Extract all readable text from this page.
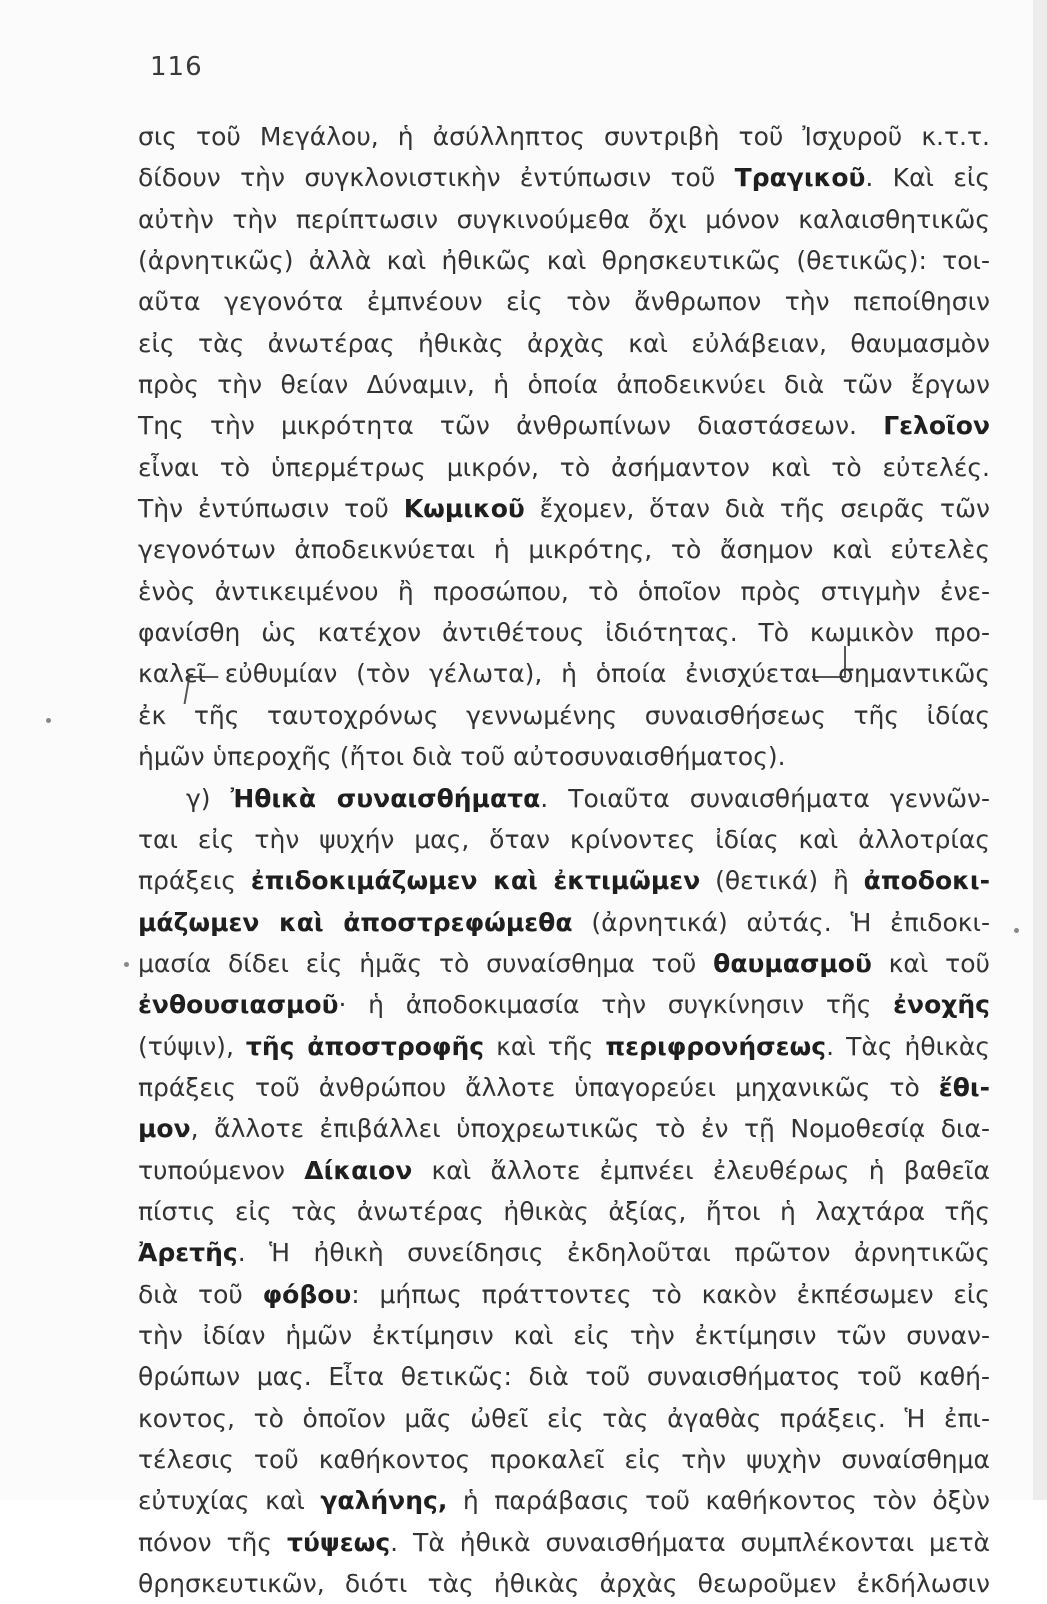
116
σις τοῦ Μεγάλου, ἡ ἀσύλληπτος συντριβὴ τοῦ Ἰσχυροῦ κ.τ.τ.
δίδουν τὴν συγκλονιστικὴν ἐντύπωσιν τοῦ Τραγικοῦ. Καὶ εἰς
αὐτὴν τὴν περίπτωσιν συγκινούμεθα ὄχι μόνον καλαισθητικῶς
(ἀρνητικῶς) ἀλλὰ καὶ ἠθικῶς καὶ θρησκευτικῶς (θετικῶς): τοι-
αῦτα γεγονότα ἐμπνέουν εἰς τὸν ἄνθρωπον τὴν πεποίθησιν
εἰς τὰς ἀνωτέρας ἠθικὰς ἀρχὰς καὶ εὐλάβειαν, θαυμασμὸν
πρὸς τὴν θείαν Δύναμιν, ἡ ὁποία ἀποδεικνύει διὰ τῶν ἔργων
Της τὴν μικρότητα τῶν ἀνθρωπίνων διαστάσεων. Γελοῖον
εἶναι τὸ ὑπερμέτρως μικρόν, τὸ ἀσήμαντον καὶ τὸ εὐτελές.
Τὴν ἐντύπωσιν τοῦ Κωμικοῦ ἔχομεν, ὅταν διὰ τῆς σειρᾶς τῶν
γεγονότων ἀποδεικνύεται ἡ μικρότης, τὸ ἄσημον καὶ εὐτελὲς
ἑνὸς ἀντικειμένου ἢ προσώπου, τὸ ὁποῖον πρὸς στιγμὴν ἐνε-
φανίσθη ὡς κατέχον ἀντιθέτους ἰδιότητας. Τὸ κωμικὸν προ-
καλεῖ εὐθυμίαν (τὸν γέλωτα), ἡ ὁποία ἐνισχύεται σημαντικῶς
ἐκ τῆς ταυτοχρόνως γεννωμένης συναισθήσεως τῆς ἰδίας
ἡμῶν ὑπεροχῆς (ἤτοι διὰ τοῦ αὐτοσυναισθήματος).
γ) Ἠθικὰ συναισθήματα. Τοιαῦτα συναισθήματα γεννῶν-
ται εἰς τὴν ψυχήν μας, ὅταν κρίνοντες ἰδίας καὶ ἀλλοτρίας
πράξεις ἐπιδοκιμάζωμεν καὶ ἐκτιμῶμεν (θετικά) ἢ ἀποδοκι-
μάζωμεν καὶ ἀποστρεφώμεθα (ἀρνητικά) αὐτάς. Ἡ ἐπιδοκι-
μασία δίδει εἰς ἡμᾶς τὸ συναίσθημα τοῦ θαυμασμοῦ καὶ τοῦ
ἐνθουσιασμοῦ· ἡ ἀποδοκιμασία τὴν συγκίνησιν τῆς ἐνοχῆς
(τύψιν), τῆς ἀποστροφῆς καὶ τῆς περιφρονήσεως. Τὰς ἠθικὰς
πράξεις τοῦ ἀνθρώπου ἄλλοτε ὑπαγορεύει μηχανικῶς τὸ ἔθι-
μον, ἄλλοτε ἐπιβάλλει ὑποχρεωτικῶς τὸ ἐν τῇ Νομοθεσίᾳ δια-
τυπούμενον Δίκαιον καὶ ἄλλοτε ἐμπνέει ἐλευθέρως ἡ βαθεῖα
πίστις εἰς τὰς ἀνωτέρας ἠθικὰς ἀξίας, ἤτοι ἡ λαχτάρα τῆς
Ἀρετῆς. Ἡ ἠθικὴ συνείδησις ἐκδηλοῦται πρῶτον ἀρνητικῶς
διὰ τοῦ φόβου: μήπως πράττοντες τὸ κακὸν ἐκπέσωμεν εἰς
τὴν ἰδίαν ἡμῶν ἐκτίμησιν καὶ εἰς τὴν ἐκτίμησιν τῶν συναν-
θρώπων μας. Εἶτα θετικῶς: διὰ τοῦ συναισθήματος τοῦ καθή-
κοντος, τὸ ὁποῖον μᾶς ὠθεῖ εἰς τὰς ἀγαθὰς πράξεις. Ἡ ἐπι-
τέλεσις τοῦ καθήκοντος προκαλεῖ εἰς τὴν ψυχὴν συναίσθημα
εὐτυχίας καὶ γαλήνης, ἡ παράβασις τοῦ καθήκοντος τὸν ὀξὺν
πόνον τῆς τύψεως. Τὰ ἠθικὰ συναισθήματα συμπλέκονται μετὰ
θρησκευτικῶν, διότι τὰς ἠθικὰς ἀρχὰς θεωροῦμεν ἐκδήλωσιν
